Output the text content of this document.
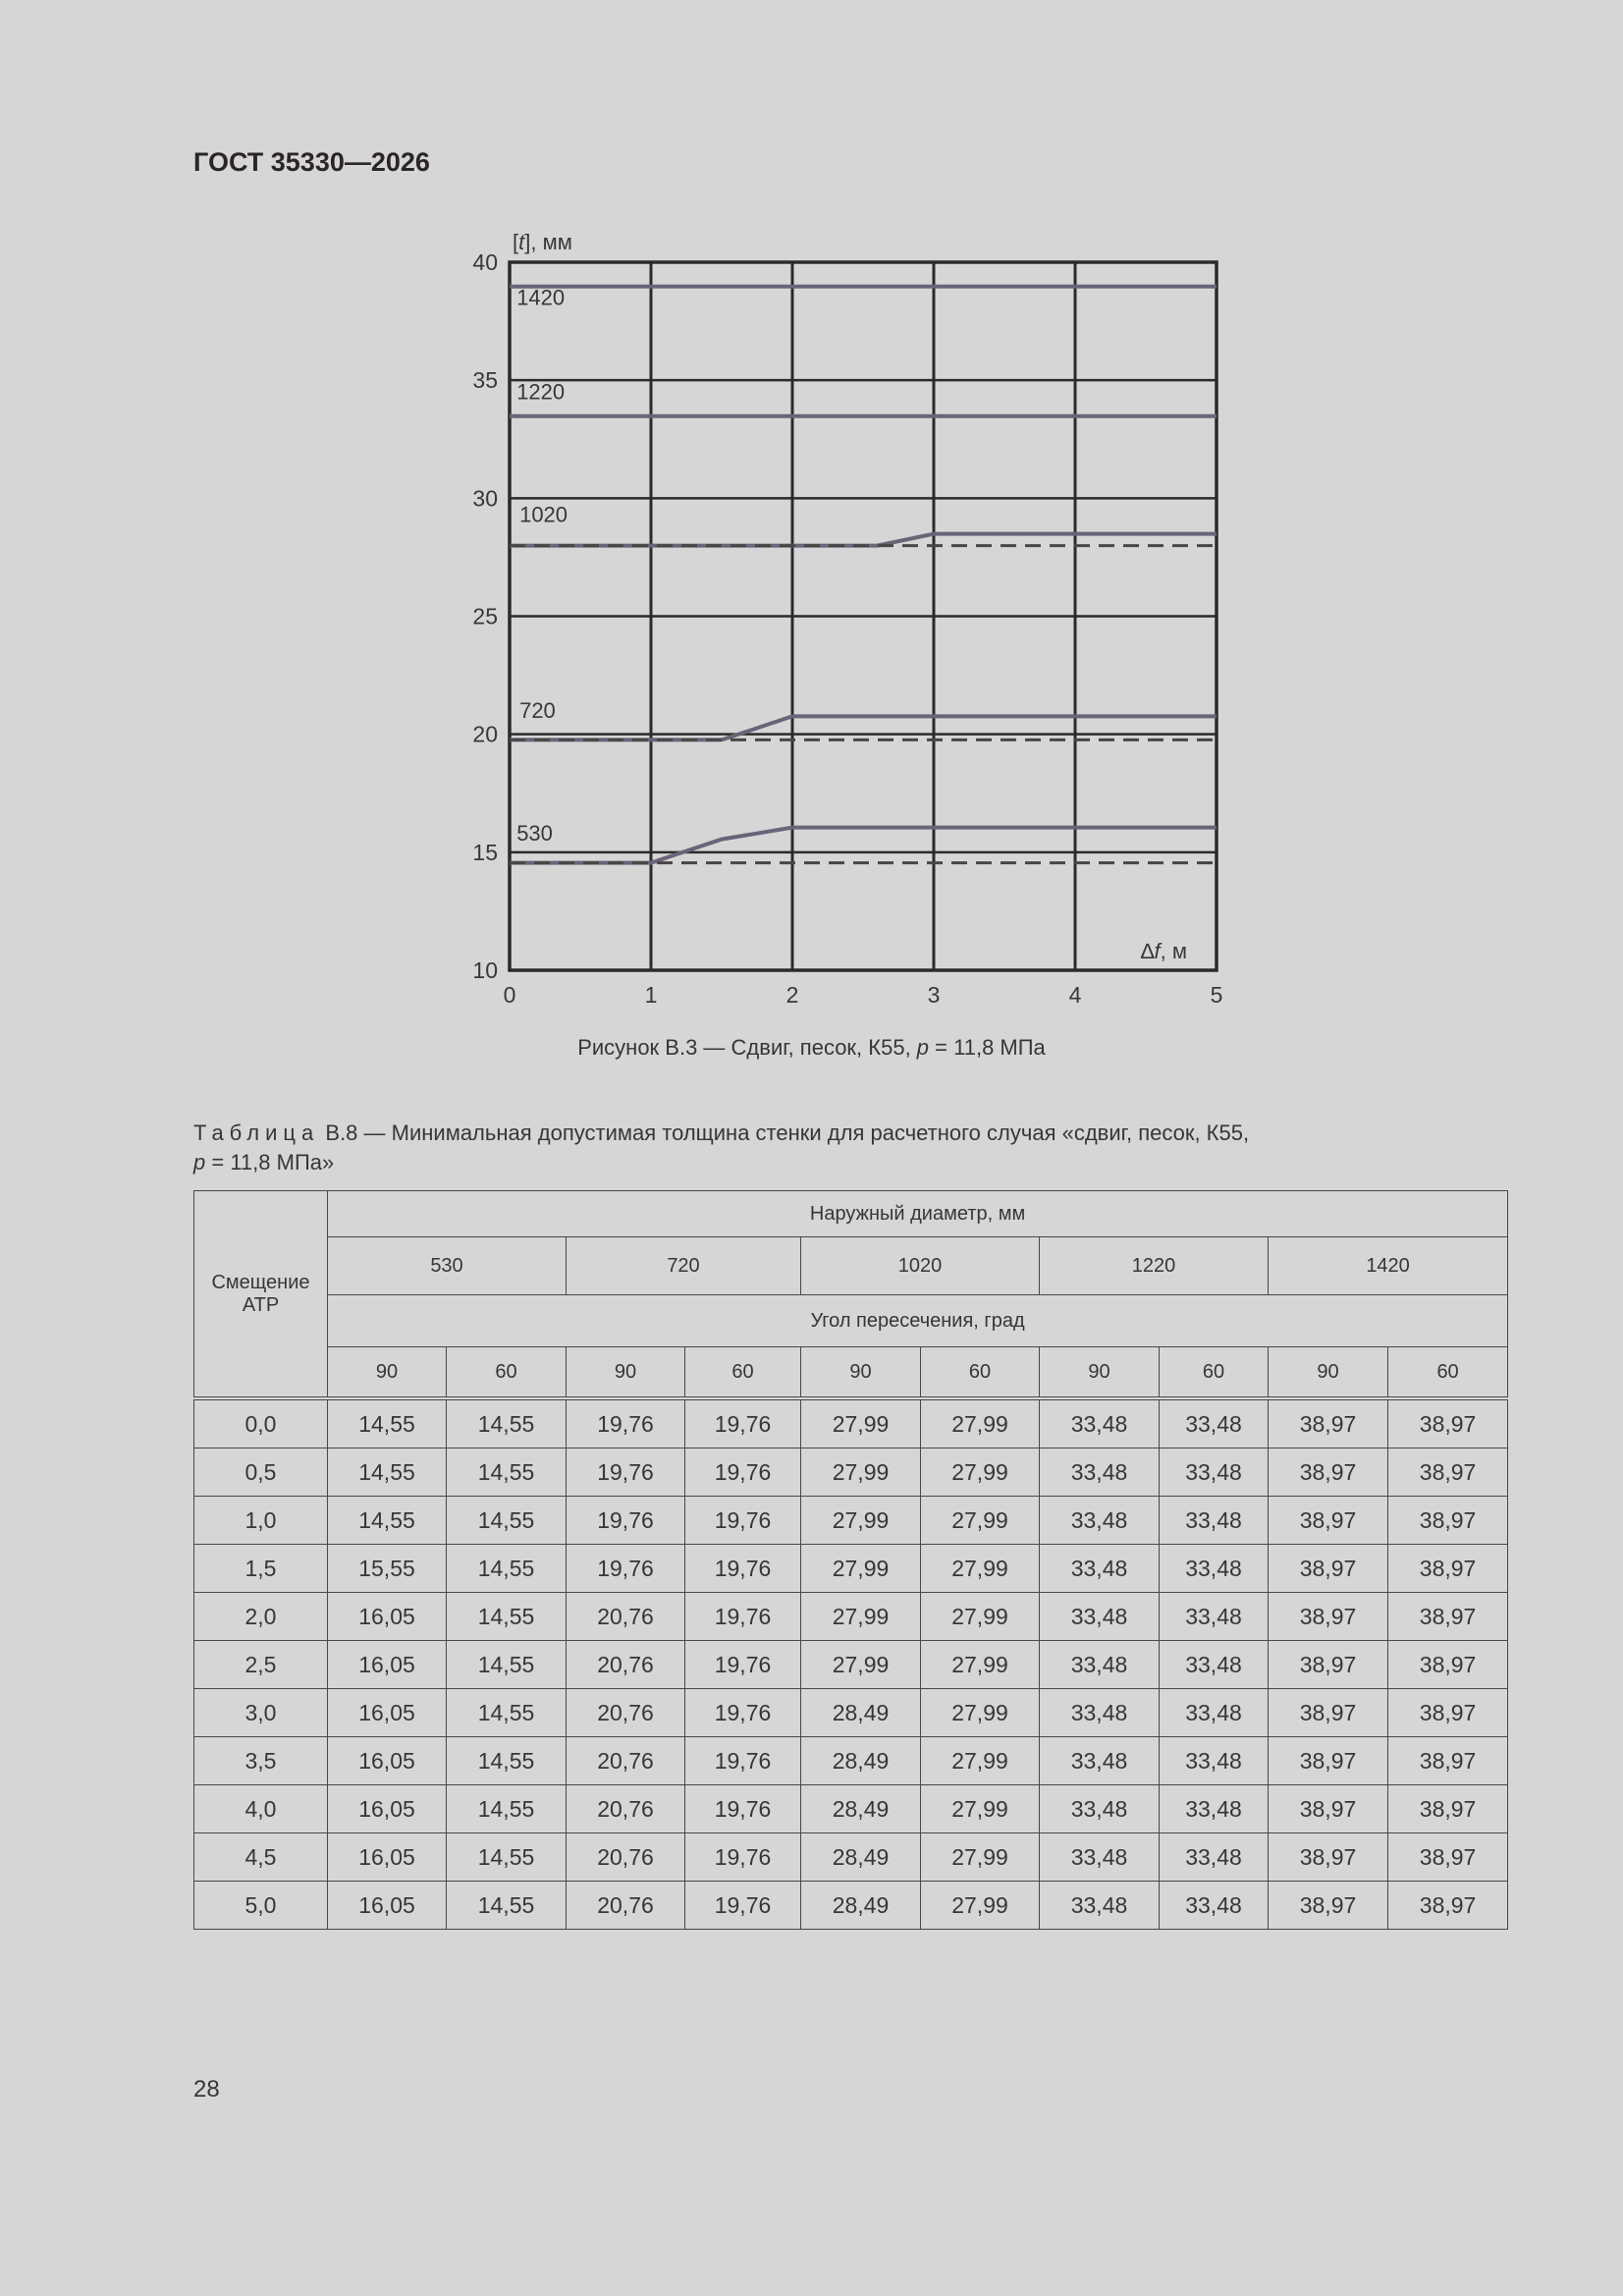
ГОСТ 35330—2026
1420
1220
1020
720
530
10
15
20
25
30
35
40
0	1	2	3	4	5
[t], мм
∆f, м
Рисунок В.3 — Сдвиг, песок, К55, p = 11,8 МПа
Таблица В.8 — Минимальная допустимая толщина стенки для расчетного случая «сдвиг, песок, К55,
p = 11,8 МПа»
Смещение АТР	Наружный диаметр, мм									
	530		720		1020		1220		1420	
	Угол пересечения, град									
	90	60	90	60	90	60	90	60	90	60
0,0	14,55	14,55	19,76	19,76	27,99	27,99	33,48	33,48	38,97	38,97
0,5	14,55	14,55	19,76	19,76	27,99	27,99	33,48	33,48	38,97	38,97
1,0	14,55	14,55	19,76	19,76	27,99	27,99	33,48	33,48	38,97	38,97
1,5	15,55	14,55	19,76	19,76	27,99	27,99	33,48	33,48	38,97	38,97
2,0	16,05	14,55	20,76	19,76	27,99	27,99	33,48	33,48	38,97	38,97
2,5	16,05	14,55	20,76	19,76	27,99	27,99	33,48	33,48	38,97	38,97
3,0	16,05	14,55	20,76	19,76	28,49	27,99	33,48	33,48	38,97	38,97
3,5	16,05	14,55	20,76	19,76	28,49	27,99	33,48	33,48	38,97	38,97
4,0	16,05	14,55	20,76	19,76	28,49	27,99	33,48	33,48	38,97	38,97
4,5	16,05	14,55	20,76	19,76	28,49	27,99	33,48	33,48	38,97	38,97
5,0	16,05	14,55	20,76	19,76	28,49	27,99	33,48	33,48	38,97	38,97
28
